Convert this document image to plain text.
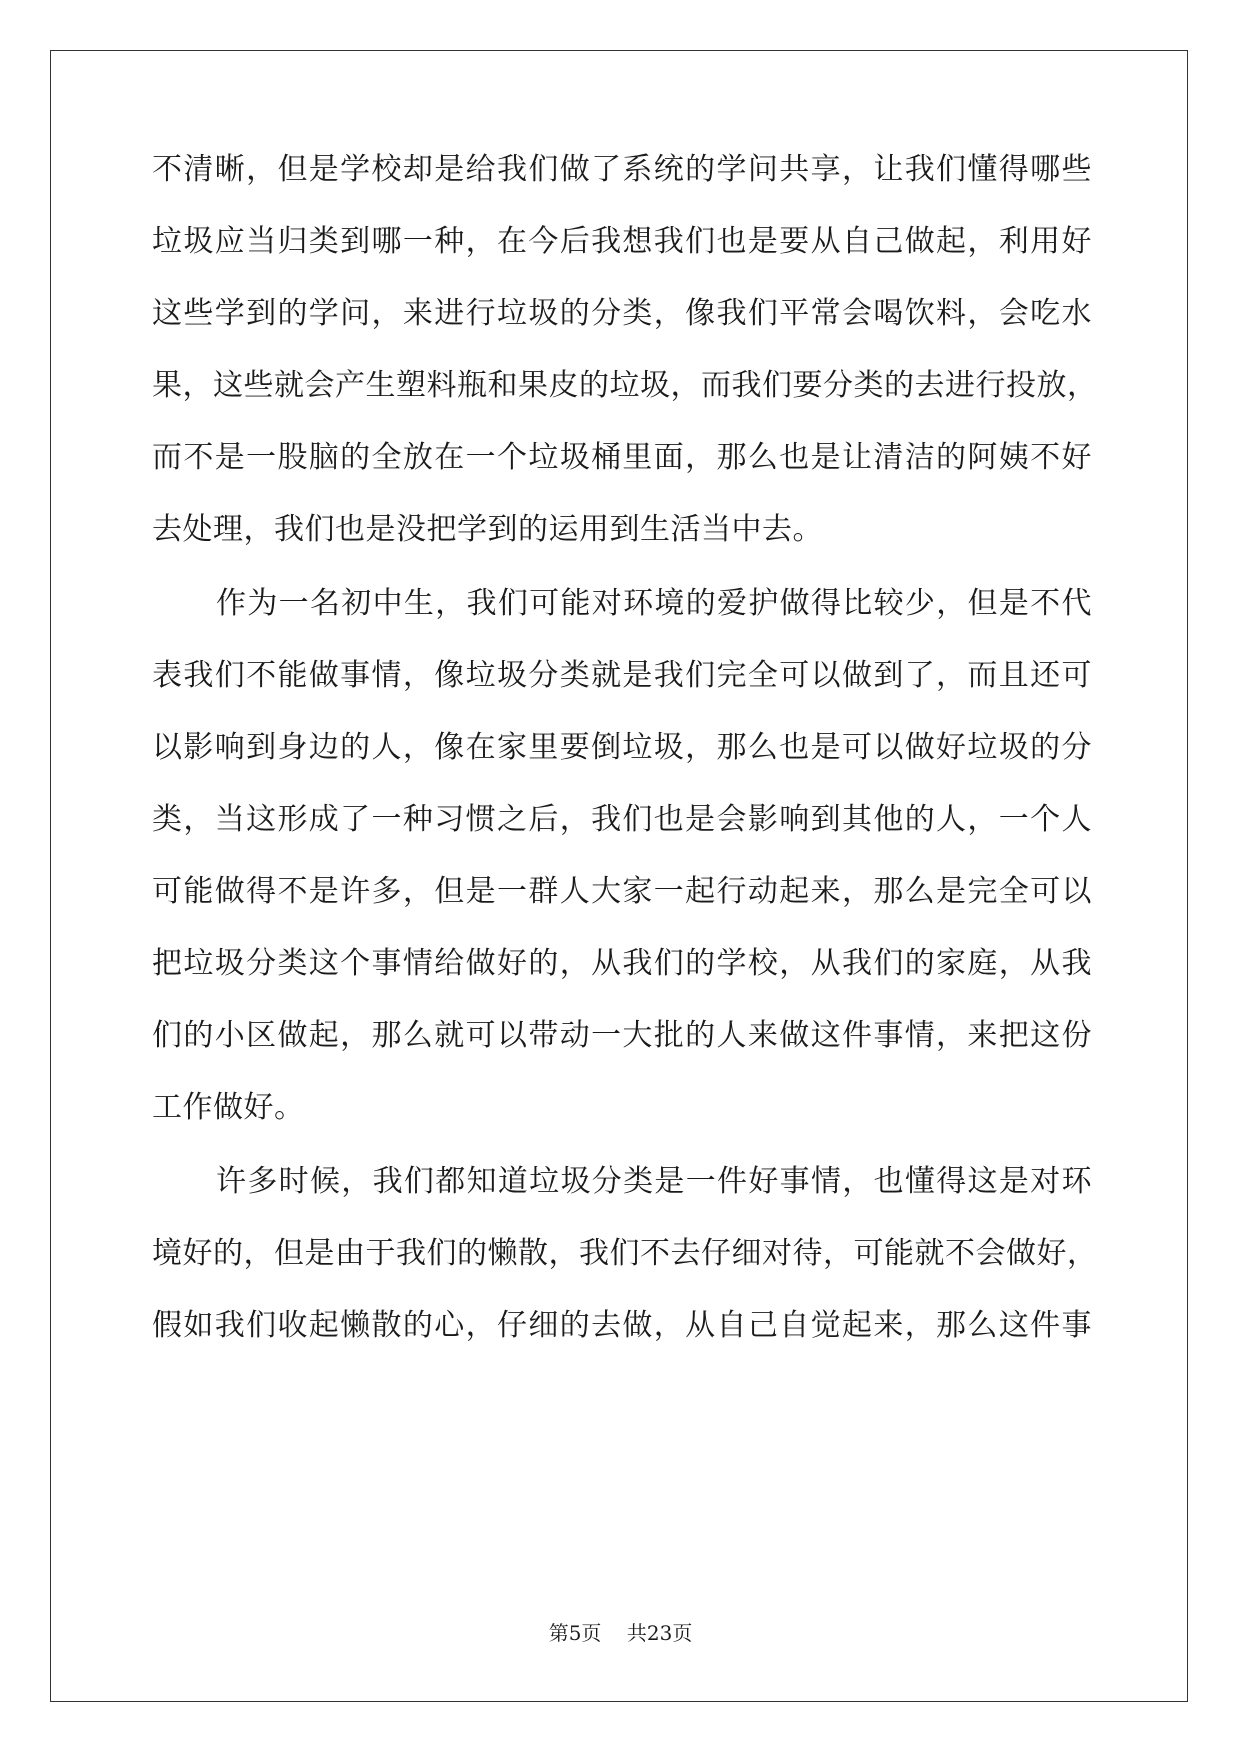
不清晰，但是学校却是给我们做了系统的学问共享，让我们懂得哪些
垃圾应当归类到哪一种，在今后我想我们也是要从自己做起，利用好
这些学到的学问，来进行垃圾的分类，像我们平常会喝饮料，会吃水
果，这些就会产生塑料瓶和果皮的垃圾，而我们要分类的去进行投放，
而不是一股脑的全放在一个垃圾桶里面，那么也是让清洁的阿姨不好
去处理，我们也是没把学到的运用到生活当中去。
作为一名初中生，我们可能对环境的爱护做得比较少，但是不代
表我们不能做事情，像垃圾分类就是我们完全可以做到了，而且还可
以影响到身边的人，像在家里要倒垃圾，那么也是可以做好垃圾的分
类，当这形成了一种习惯之后，我们也是会影响到其他的人，一个人
可能做得不是许多，但是一群人大家一起行动起来，那么是完全可以
把垃圾分类这个事情给做好的，从我们的学校，从我们的家庭，从我
们的小区做起，那么就可以带动一大批的人来做这件事情，来把这份
工作做好。
许多时候，我们都知道垃圾分类是一件好事情，也懂得这是对环
境好的，但是由于我们的懒散，我们不去仔细对待，可能就不会做好，
假如我们收起懒散的心，仔细的去做，从自己自觉起来，那么这件事
第5页 共23页
